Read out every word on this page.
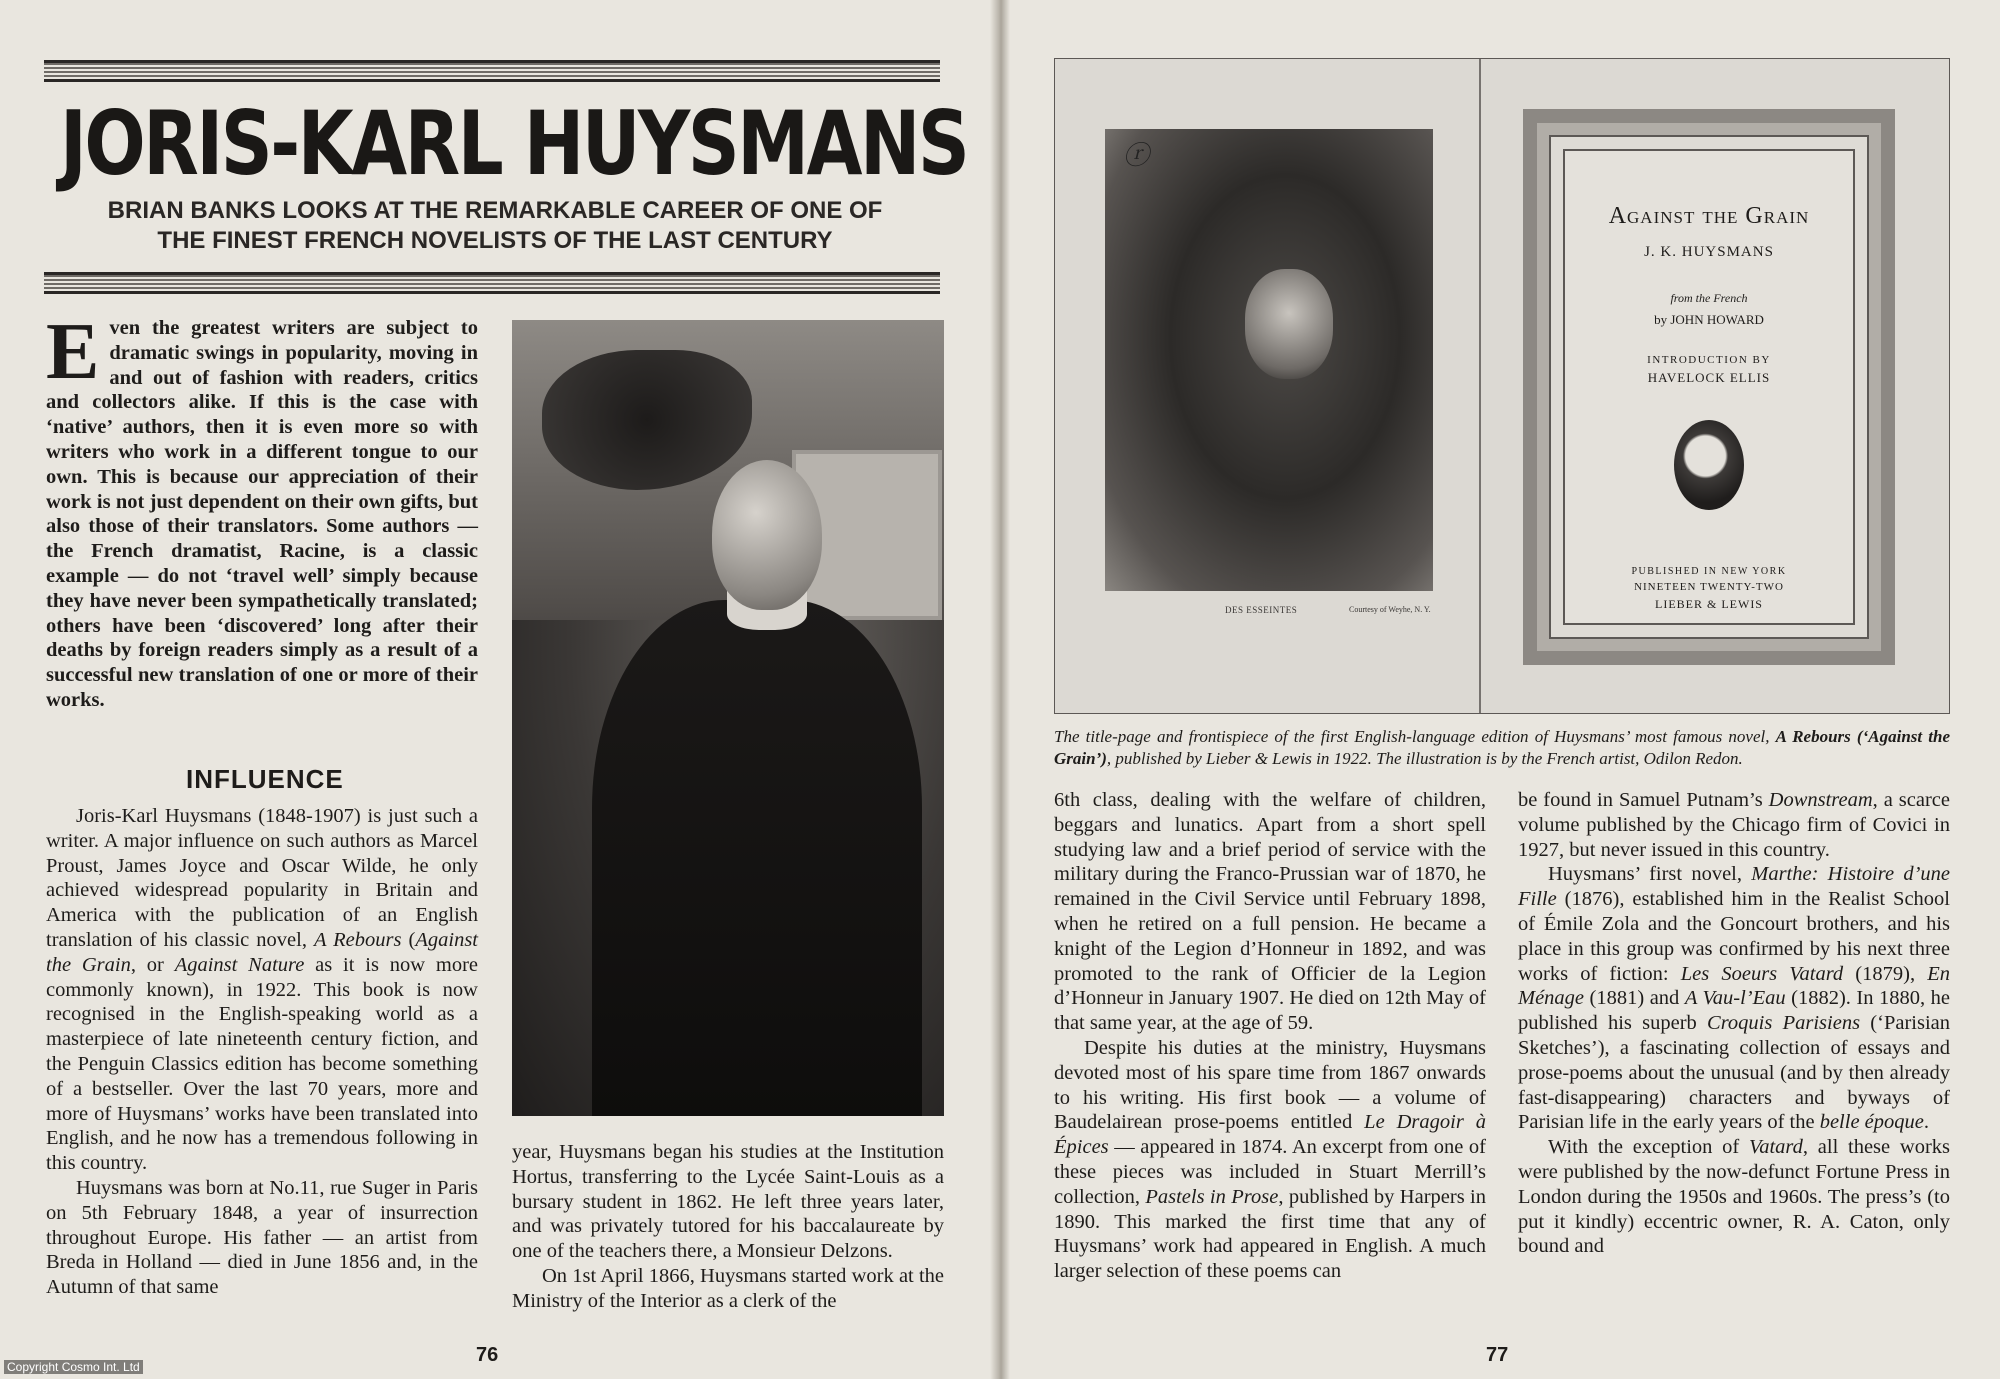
JORIS-KARL HUYSMANS
BRIAN BANKS LOOKS AT THE REMARKABLE CAREER OF ONE OF
THE FINEST FRENCH NOVELISTS OF THE LAST CENTURY
Even the greatest writers are subject to dramatic swings in popularity, moving in and out of fashion with readers, critics and collectors alike. If this is the case with ‘native’ authors, then it is even more so with writers who work in a different tongue to our own. This is because our appreciation of their work is not just dependent on their own gifts, but also those of their translators. Some authors — the French dramatist, Racine, is a classic example — do not ‘travel well’ simply because they have never been sympathetically translated; others have been ‘discovered’ long after their deaths by foreign readers simply as a result of a successful new translation of one or more of their works.
INFLUENCE

Joris-Karl Huysmans (1848-1907) is just such a writer. A major influence on such authors as Marcel Proust, James Joyce and Oscar Wilde, he only achieved widespread popularity in Britain and America with the publication of an English translation of his classic novel, A Rebours (Against the Grain, or Against Nature as it is now more commonly known), in 1922. This book is now recognised in the English-speaking world as a masterpiece of late nineteenth century fiction, and the Penguin Classics edition has become something of a bestseller. Over the last 70 years, more and more of Huysmans’ works have been translated into English, and he now has a tremendous following in this country.

Huysmans was born at No.11, rue Suger in Paris on 5th February 1848, a year of insurrection throughout Europe. His father — an artist from Breda in Holland — died in June 1856 and, in the Autumn of that same

year, Huysmans began his studies at the Institution Hortus, transferring to the Lycée Saint-Louis as a bursary student in 1862. He left three years later, and was privately tutored for his baccalaureate by one of the teachers there, a Monsieur Delzons.

On 1st April 1866, Huysmans started work at the Ministry of the Interior as a clerk of the

ⓡ
DES ESSEINTES	Courtesy of Weyhe, N. Y.
Against the Grain
J. K. HUYSMANS
from the French
by JOHN HOWARD
INTRODUCTION BY
HAVELOCK ELLIS
PUBLISHED IN NEW YORK
NINETEEN TWENTY-TWO
LIEBER & LEWIS
The title-page and frontispiece of the first English-language edition of Huysmans’ most famous novel, A Rebours (‘Against the Grain’), published by Lieber & Lewis in 1922. The illustration is by the French artist, Odilon Redon.

6th class, dealing with the welfare of children, beggars and lunatics. Apart from a short spell studying law and a brief period of service with the military during the Franco-Prussian war of 1870, he remained in the Civil Service until February 1898, when he retired on a full pension. He became a knight of the Legion d’Honneur in 1892, and was promoted to the rank of Officier de la Legion d’Honneur in January 1907. He died on 12th May of that same year, at the age of 59.

Despite his duties at the ministry, Huysmans devoted most of his spare time from 1867 onwards to his writing. His first book — a volume of Baudelairean prose-poems entitled Le Dragoir à Épices — appeared in 1874. An excerpt from one of these pieces was included in Stuart Merrill’s collection, Pastels in Prose, published by Harpers in 1890. This marked the first time that any of Huysmans’ work had appeared in English. A much larger selection of these poems can

be found in Samuel Putnam’s Downstream, a scarce volume published by the Chicago firm of Covici in 1927, but never issued in this country.

Huysmans’ first novel, Marthe: Histoire d’une Fille (1876), established him in the Realist School of Émile Zola and the Goncourt brothers, and his place in this group was confirmed by his next three works of fiction: Les Soeurs Vatard (1879), En Ménage (1881) and A Vau-l’Eau (1882). In 1880, he published his superb Croquis Parisiens (‘Parisian Sketches’), a fascinating collection of essays and prose-poems about the unusual (and by then already fast-disappearing) characters and byways of Parisian life in the early years of the belle époque.

With the exception of Vatard, all these works were published by the now-defunct Fortune Press in London during the 1950s and 1960s. The press’s (to put it kindly) eccentric owner, R. A. Caton, only bound and

76	77
Copyright Cosmo Int. Ltd
